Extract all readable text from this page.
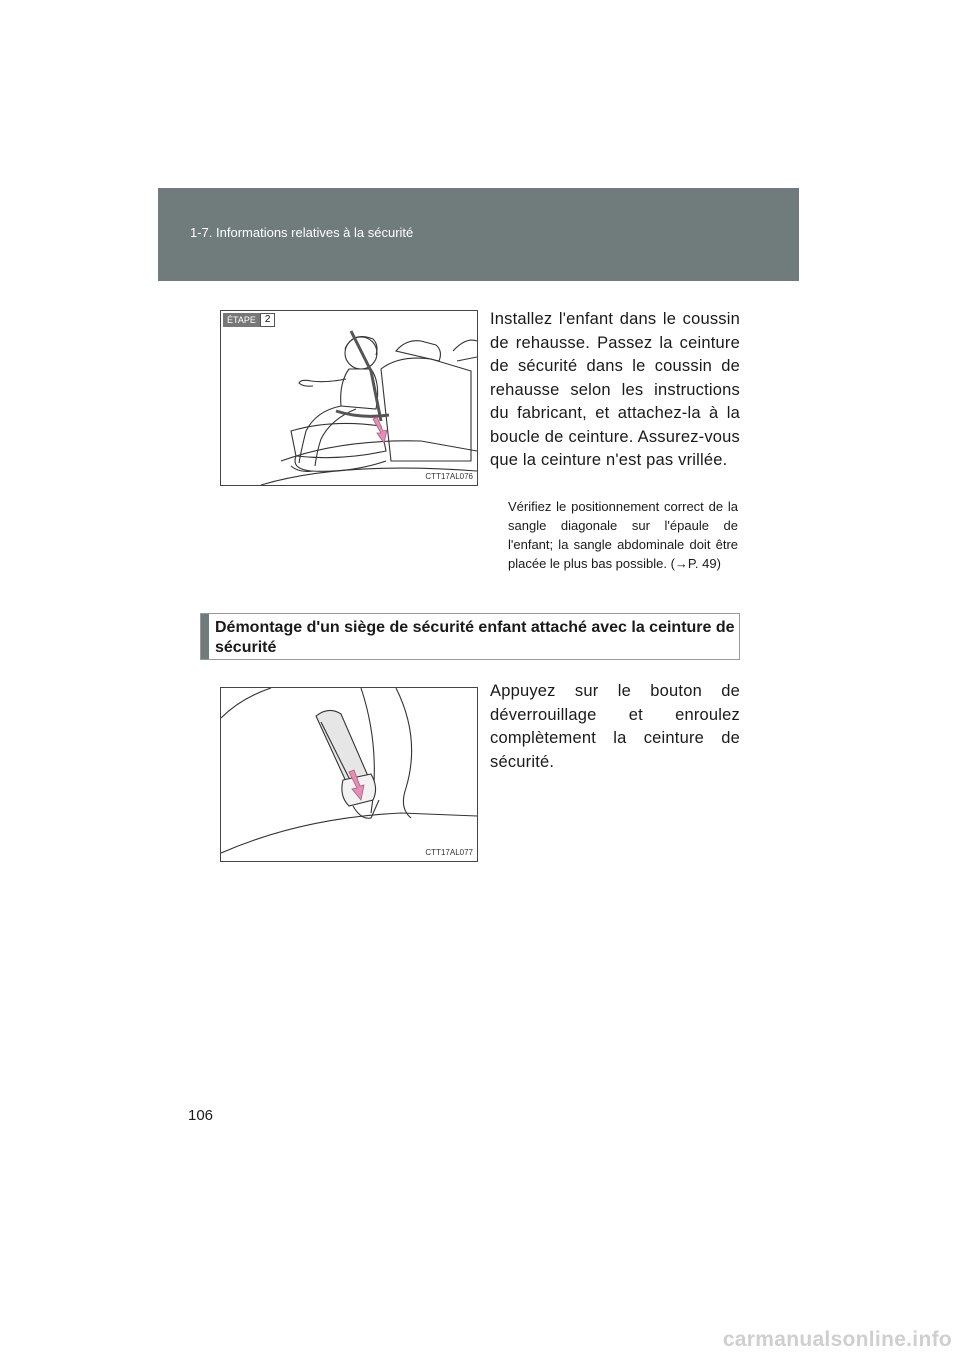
1-7. Informations relatives à la sécurité
ÉTAPE 2
CTT17AL076
Installez l'enfant dans le coussin de rehausse. Passez la ceinture de sécurité dans le coussin de rehausse selon les instructions du fabricant, et attachez-la à la boucle de ceinture. Assurez-vous que la ceinture n'est pas vrillée.
Vérifiez le positionnement correct de la sangle diagonale sur l'épaule de l'enfant; la sangle abdominale doit être placée le plus bas possible. (→P. 49)
Démontage d'un siège de sécurité enfant attaché avec la ceinture de sécurité
CTT17AL077
Appuyez sur le bouton de déverrouillage et enroulez complètement la ceinture de sécurité.
106
carmanualsonline.info
